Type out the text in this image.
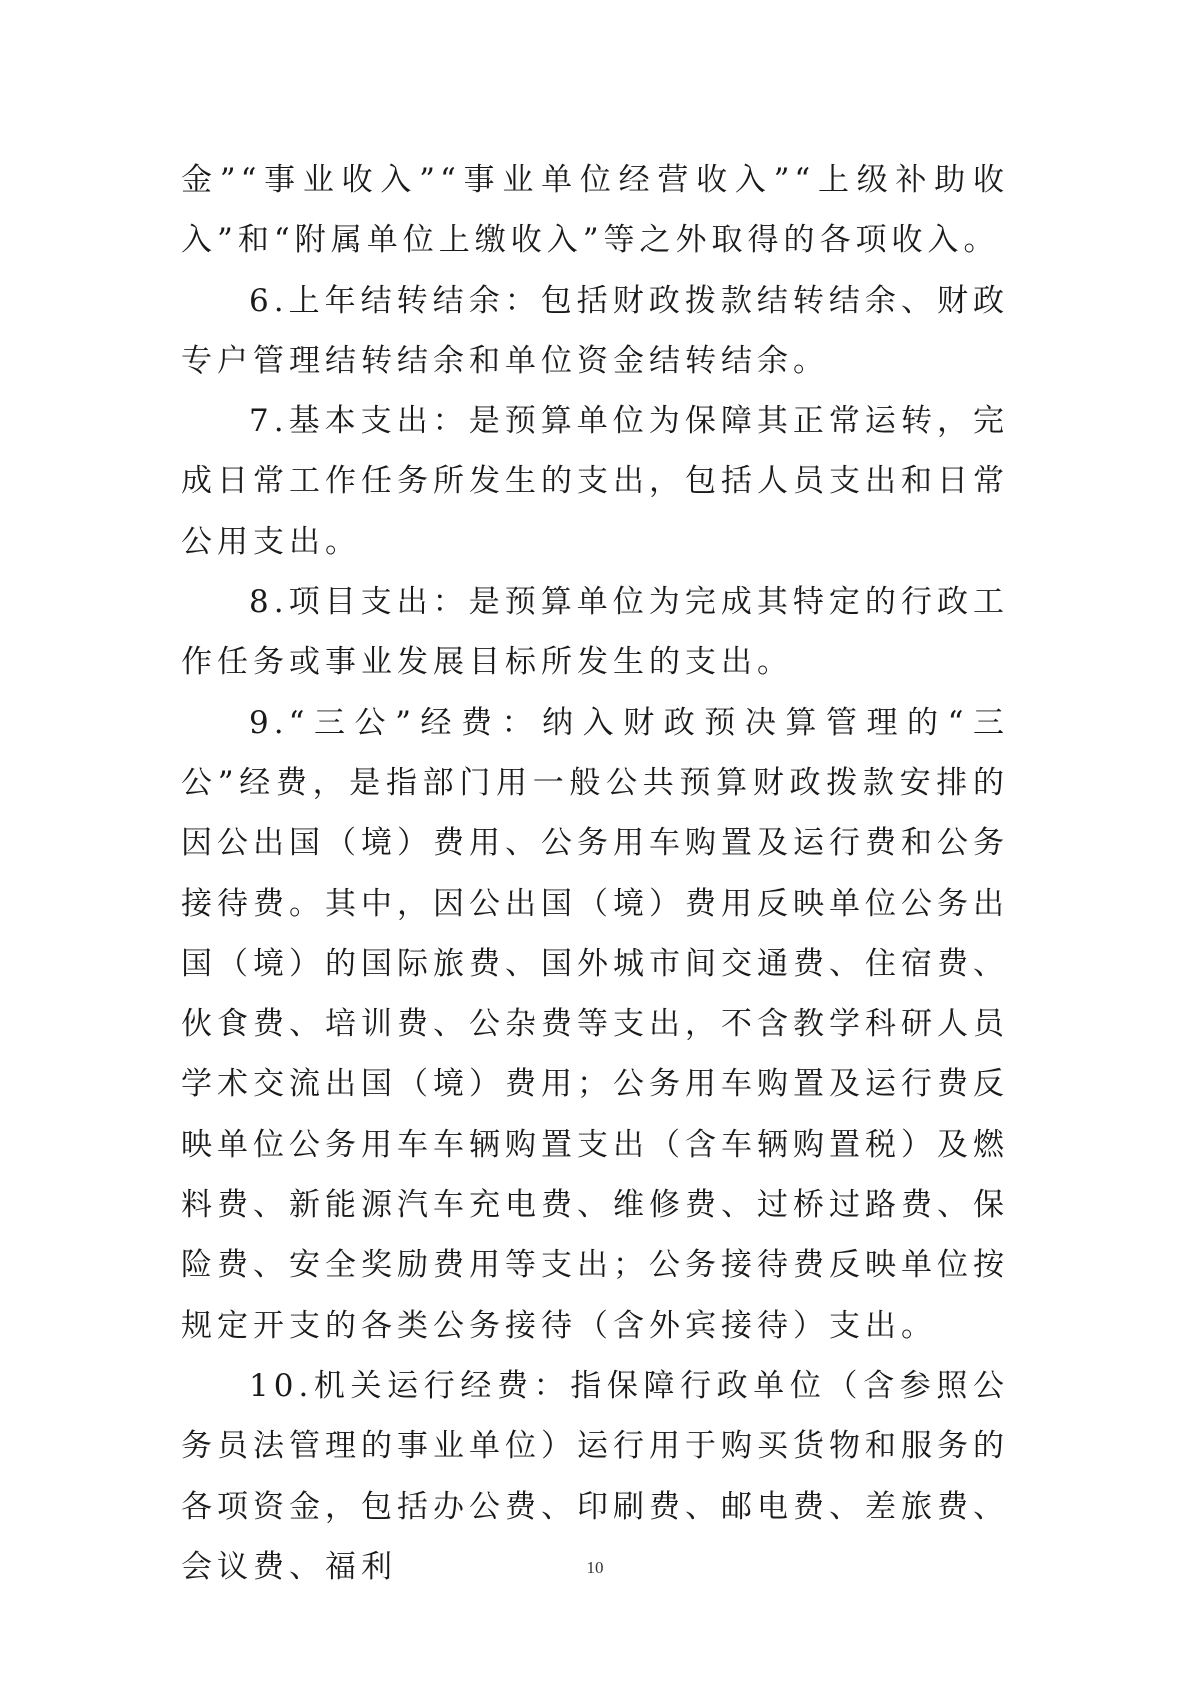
金”“事业收入”“事业单位经营收入”“上级补助收入”和“附属单位上缴收入”等之外取得的各项收入。

6.上年结转结余：包括财政拨款结转结余、财政专户管理结转结余和单位资金结转结余。

7.基本支出：是预算单位为保障其正常运转，完成日常工作任务所发生的支出，包括人员支出和日常公用支出。

8.项目支出：是预算单位为完成其特定的行政工作任务或事业发展目标所发生的支出。

9.“三公”经费：纳入财政预决算管理的“三公”经费，是指部门用一般公共预算财政拨款安排的因公出国（境）费用、公务用车购置及运行费和公务接待费。其中，因公出国（境）费用反映单位公务出国（境）的国际旅费、国外城市间交通费、住宿费、伙食费、培训费、公杂费等支出，不含教学科研人员学术交流出国（境）费用；公务用车购置及运行费反映单位公务用车车辆购置支出（含车辆购置税）及燃料费、新能源汽车充电费、维修费、过桥过路费、保险费、安全奖励费用等支出；公务接待费反映单位按规定开支的各类公务接待（含外宾接待）支出。

10.机关运行经费：指保障行政单位（含参照公务员法管理的事业单位）运行用于购买货物和服务的各项资金，包括办公费、印刷费、邮电费、差旅费、会议费、福利	10
